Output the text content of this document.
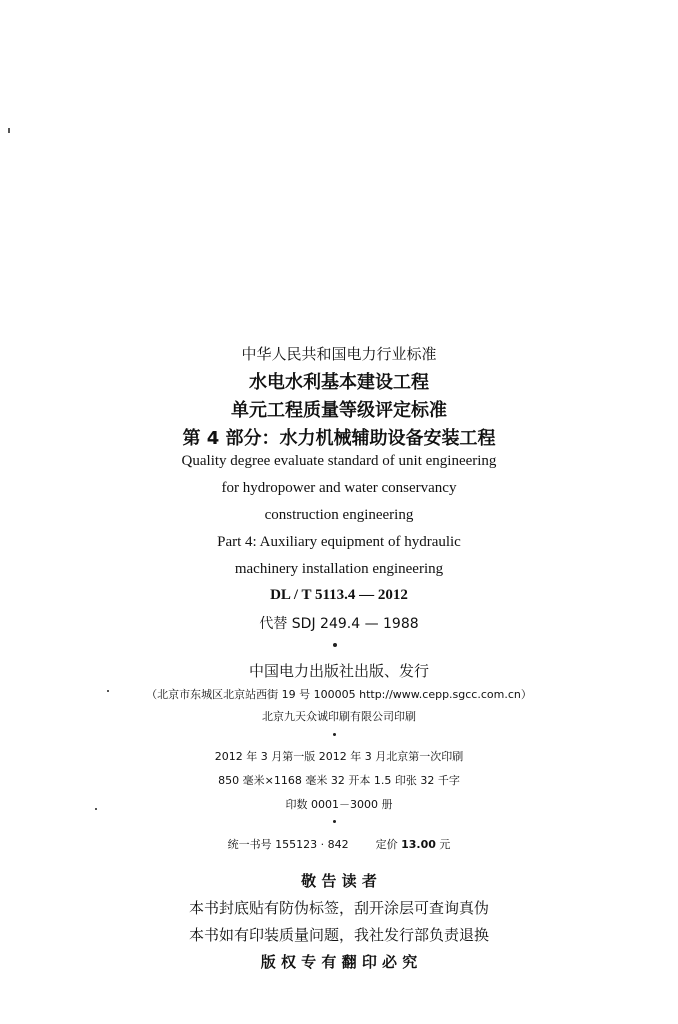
中华人民共和国电力行业标准
水电水利基本建设工程
单元工程质量等级评定标准
第 4 部分：水力机械辅助设备安装工程
Quality degree evaluate standard of unit engineering
for hydropower and water conservancy
construction engineering
Part 4: Auxiliary equipment of hydraulic
machinery installation engineering
DL / T 5113.4 — 2012
代替 SDJ 249.4 — 1988
中国电力出版社出版、发行
（北京市东城区北京站西街 19 号 100005 http://www.cepp.sgcc.com.cn）
北京九天众诚印刷有限公司印刷
2012 年 3 月第一版 2012 年 3 月北京第一次印刷
850 毫米×1168 毫米 32 开本 1.5 印张 32 千字
印数 0001－3000 册
统一书号 155123 · 842 定价 13.00 元
敬 告 读 者
本书封底贴有防伪标签，刮开涂层可查询真伪
本书如有印装质量问题，我社发行部负责退换
版 权 专 有 翻 印 必 究
